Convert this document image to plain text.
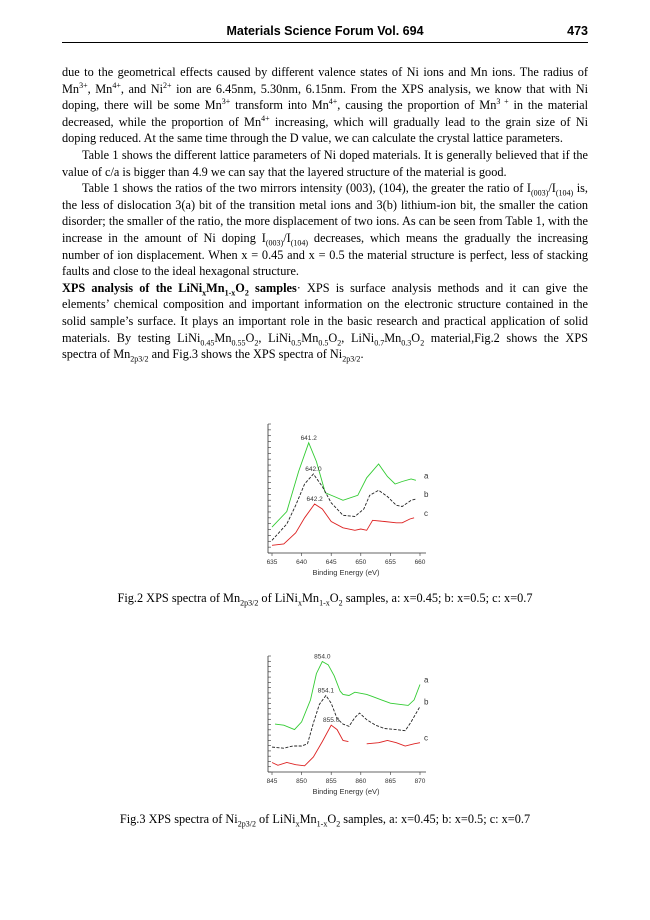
Materials Science Forum Vol. 694	473

due to the geometrical effects caused by different valence states of Ni ions and Mn ions. The radius of $Mn^{3+}$, $Mn^{4+}$, and $Ni^{2+}$ ion are 6.45nm, 5.30nm, 6.15nm. From the XPS analysis, we know that with Ni doping, there will be some $Mn^{3+}$ transform into $Mn^{4+}$, causing the proportion of $Mn^{3 +}$ in the material decreased, while the proportion of $Mn^{4+}$ increasing, which will gradually lead to the grain size of Ni doping reduced. At the same time through the D value, we can calculate the crystal lattice parameters.

Table 1 shows the different lattice parameters of Ni doped materials. It is generally believed that if the value of c/a is bigger than 4.9 we can say that the layered structure of the material is good.

Table 1 shows the ratios of the two mirrors intensity (003), (104), the greater the ratio of $I_{(003)}/I_{(104)}$ is, the less of dislocation 3(a) bit of the transition metal ions and 3(b) lithium-ion bit, the smaller the cation disorder; the smaller of the ratio, the more displacement of two ions. As can be seen from Table 1, with the increase in the amount of Ni doping $I_{(003)}/I_{(104)}$ decreases, which means the gradually the increasing number of ion displacement. When x = 0.45 and x = 0.5 the material structure is perfect, less of stacking faults and close to the ideal hexagonal structure.

XPS analysis of the $LiNi_xMn_{1-x}O_2$ samples· XPS is surface analysis methods and it can give the elements’ chemical composition and important information on the electronic structure contained in the solid sample’s surface. It plays an important role in the basic research and practical application of solid materials. By testing $LiNi_{0.45}Mn_{0.55}O_2$, $LiNi_{0.5}Mn_{0.5}O_2$, $LiNi_{0.7}Mn_{0.3}O_2$ material,Fig.2 shows the XPS spectra of $Mn_{2p3/2}$ and Fig.3 shows the XPS spectra of $Ni_{2p3/2}$.

635	640	645	650	655	660
Binding Energy (eV)
a
641.2
b
642.0
c
642.2
Fig.2 XPS spectra of $Mn_{2p3/2}$ of $LiNi_xMn_{1-x}O_2$ samples, a: x=0.45; b: x=0.5; c: x=0.7
845	850	855	860	865	870
Binding Energy (eV)
a
854.0
b
854.1
c
855.0
Fig.3 XPS spectra of $Ni_{2p3/2}$ of $LiNi_xMn_{1-x}O_2$ samples, a: x=0.45; b: x=0.5; c: x=0.7
